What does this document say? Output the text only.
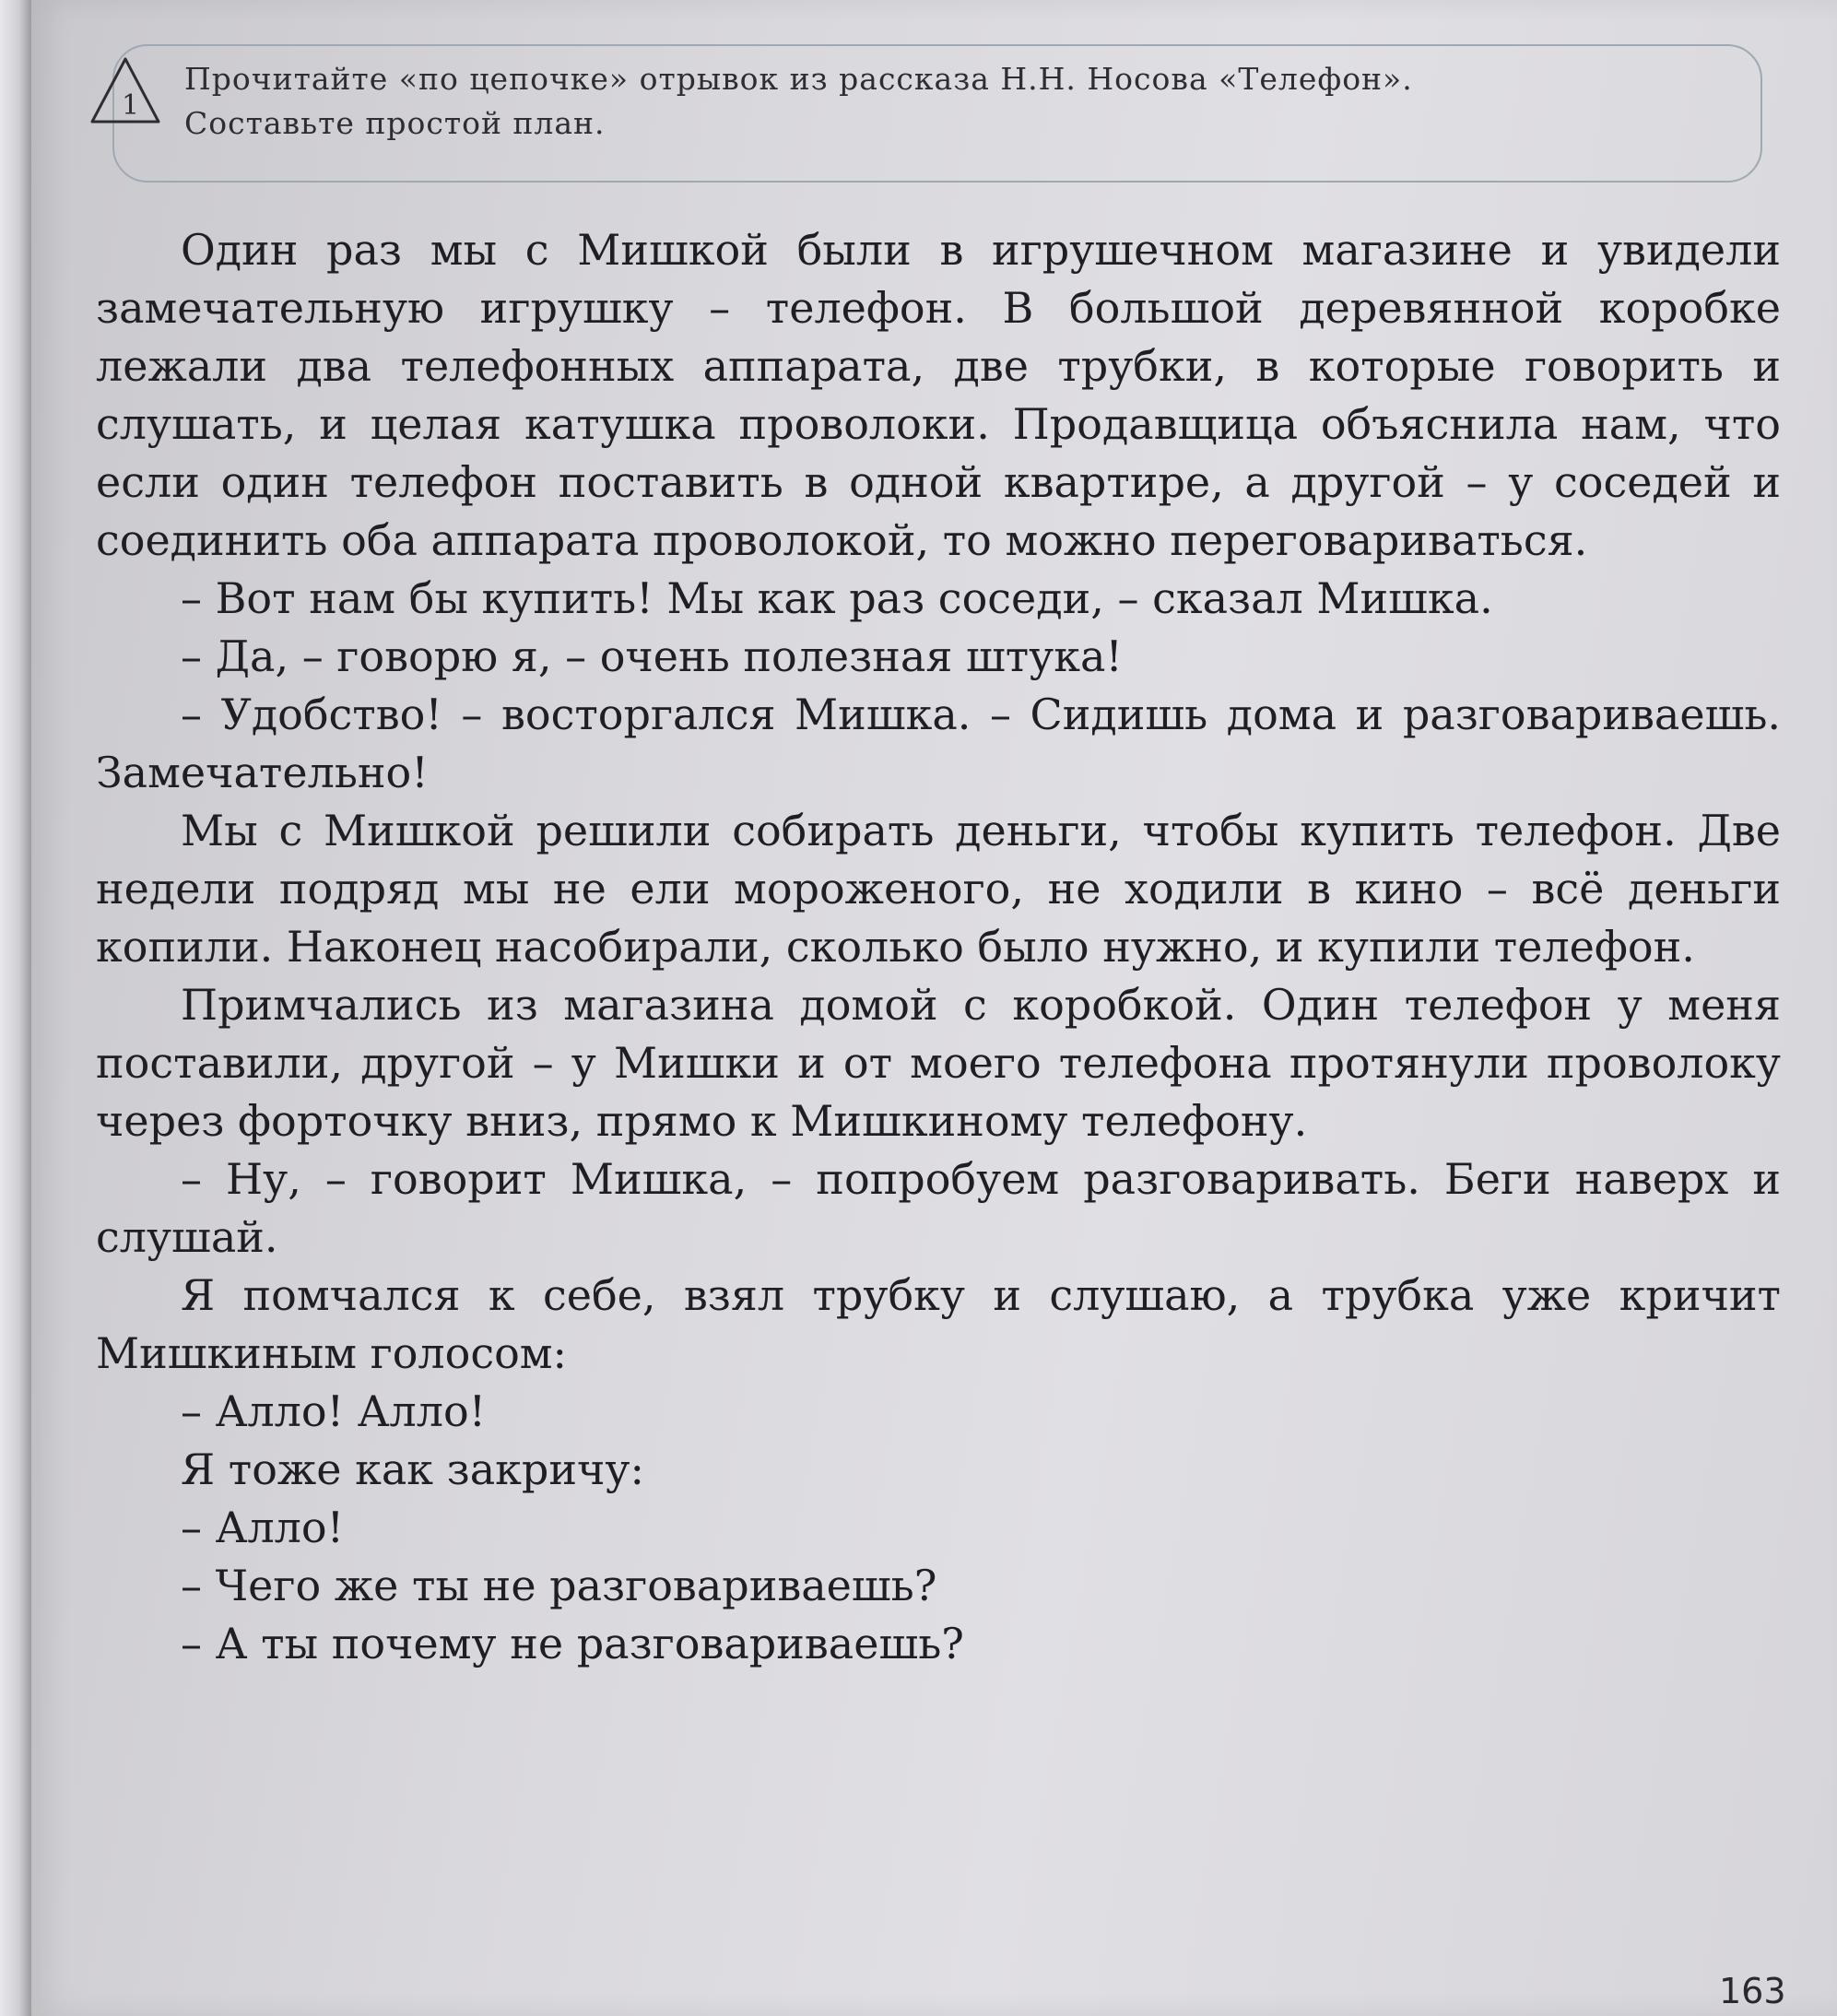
1
Прочитайте «по цепочке» отрывок из рассказа Н.Н. Носова «Телефон».
Составьте простой план.

Один раз мы с Мишкой были в игрушечном магазине и увидели замечательную игрушку – телефон. В большой деревянной коробке лежали два телефонных аппарата, две трубки, в которые говорить и слушать, и целая катушка проволоки. Продавщица объяснила нам, что если один телефон поставить в одной квартире, а другой – у соседей и соединить оба аппарата проволокой, то можно переговариваться.

– Вот нам бы купить! Мы как раз соседи, – сказал Мишка.

– Да, – говорю я, – очень полезная штука!

– Удобство! – восторгался Мишка. – Сидишь дома и разговариваешь. Замечательно!

Мы с Мишкой решили собирать деньги, чтобы купить телефон. Две недели подряд мы не ели мороженого, не ходили в кино – всё деньги копили. Наконец насобирали, сколько было нужно, и купили телефон.

Примчались из магазина домой с коробкой. Один телефон у меня поставили, другой – у Мишки и от моего телефона протянули проволоку через форточку вниз, прямо к Мишкиному телефону.

– Ну, – говорит Мишка, – попробуем разговаривать. Беги наверх и слушай.

Я помчался к себе, взял трубку и слушаю, а трубка уже кричит Мишкиным голосом:

– Алло! Алло!

Я тоже как закричу:

– Алло!

– Чего же ты не разговариваешь?

– А ты почему не разговариваешь?

163
